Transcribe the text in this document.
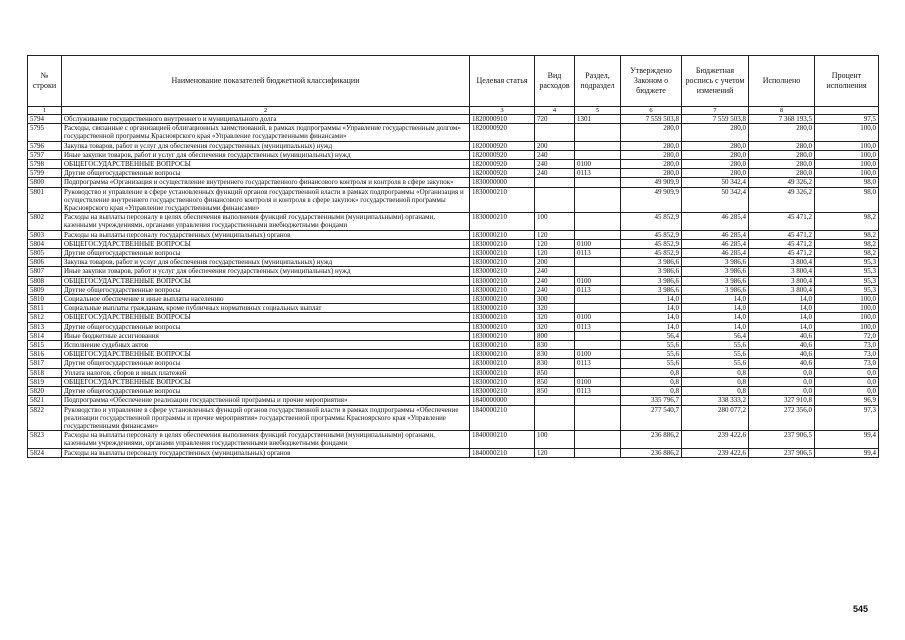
№ строки	Наименование показателей бюджетной классификации	Целевая статья	Вид расходов	Раздел, подраздел	Утверждено Законом о бюджете	Бюджетная роспись с учетом изменений	Исполнено	Процент исполнения
1	2	3	4	5	6	7	8	
5794	Обслуживание государственного внутреннего и муниципального долга	1820000910	720	1301	7 559 503,8	7 559 503,8	7 368 193,5	97,5
5795	Расходы, связанные с организацией облигационных заимствований, в рамках подпрограммы «Управление государственным долгом» государственной программы Красноярского края «Управление государственными финансами»	1820000920			280,0	280,0	280,0	100,0
5796	Закупка товаров, работ и услуг для обеспечения государственных (муниципальных) нужд	1820000920	200		280,0	280,0	280,0	100,0
5797	Иные закупки товаров, работ и услуг для обеспечения государственных (муниципальных) нужд	1820000920	240		280,0	280,0	280,0	100,0
5798	ОБЩЕГОСУДАРСТВЕННЫЕ ВОПРОСЫ	1820000920	240	0100	280,0	280,0	280,0	100,0
5799	Другие общегосударственные вопросы	1820000920	240	0113	280,0	280,0	280,0	100,0
5800	Подпрограмма «Организация и осуществление внутреннего государственного финансового контроля и контроля в сфере закупок»	1830000000			49 909,9	50 342,4	49 326,2	98,0
5801	Руководство и управление в сфере установленных функций органов государственной власти в рамках подпрограммы «Организация и осуществление внутреннего государственного финансового контроля и контроля в сфере закупок» государственной программы Красноярского края «Управление государственными финансами»	1830000210			49 909,9	50 342,4	49 326,2	98,0
5802	Расходы на выплаты персоналу в целях обеспечения выполнения функций государственными (муниципальными) органами, казенными учреждениями, органами управления государственными внебюджетными фондами	1830000210	100		45 852,9	46 285,4	45 471,2	98,2
5803	Расходы на выплаты персоналу государственных (муниципальных) органов	1830000210	120		45 852,9	46 285,4	45 471,2	98,2
5804	ОБЩЕГОСУДАРСТВЕННЫЕ ВОПРОСЫ	1830000210	120	0100	45 852,9	46 285,4	45 471,2	98,2
5805	Другие общегосударственные вопросы	1830000210	120	0113	45 852,9	46 285,4	45 471,2	98,2
5806	Закупка товаров, работ и услуг для обеспечения государственных (муниципальных) нужд	1830000210	200		3 986,6	3 986,6	3 800,4	95,3
5807	Иные закупки товаров, работ и услуг для обеспечения государственных (муниципальных) нужд	1830000210	240		3 986,6	3 986,6	3 800,4	95,3
5808	ОБЩЕГОСУДАРСТВЕННЫЕ ВОПРОСЫ	1830000210	240	0100	3 986,6	3 986,6	3 800,4	95,3
5809	Другие общегосударственные вопросы	1830000210	240	0113	3 986,6	3 986,6	3 800,4	95,3
5810	Социальное обеспечение и иные выплаты населению	1830000210	300		14,0	14,0	14,0	100,0
5811	Социальные выплаты гражданам, кроме публичных нормативных социальных выплат	1830000210	320		14,0	14,0	14,0	100,0
5812	ОБЩЕГОСУДАРСТВЕННЫЕ ВОПРОСЫ	1830000210	320	0100	14,0	14,0	14,0	100,0
5813	Другие общегосударственные вопросы	1830000210	320	0113	14,0	14,0	14,0	100,0
5814	Иные бюджетные ассигнования	1830000210	800		56,4	56,4	40,6	72,0
5815	Исполнение судебных актов	1830000210	830		55,6	55,6	40,6	73,0
5816	ОБЩЕГОСУДАРСТВЕННЫЕ ВОПРОСЫ	1830000210	830	0100	55,6	55,6	40,6	73,0
5817	Другие общегосударственные вопросы	1830000210	830	0113	55,6	55,6	40,6	73,0
5818	Уплата налогов, сборов и иных платежей	1830000210	850		0,8	0,8	0,0	0,0
5819	ОБЩЕГОСУДАРСТВЕННЫЕ ВОПРОСЫ	1830000210	850	0100	0,8	0,8	0,0	0,0
5820	Другие общегосударственные вопросы	1830000210	850	0113	0,8	0,8	0,0	0,0
5821	Подпрограмма «Обеспечение реализации государственной программы и прочие мероприятия»	1840000000			335 796,7	338 333,2	327 910,8	96,9
5822	Руководство и управление в сфере установленных функций органов государственной власти в рамках подпрограммы «Обеспечение реализации государственной программы и прочие мероприятия» государственной программы Красноярского края «Управление государственными финансами»	1840000210			277 540,7	280 077,2	272 356,0	97,3
5823	Расходы на выплаты персоналу в целях обеспечения выполнения функций государственными (муниципальными) органами, казенными учреждениями, органами управления государственными внебюджетными фондами	1840000210	100		236 886,2	239 422,6	237 906,5	99,4
5824	Расходы на выплаты персоналу государственных (муниципальных) органов	1840000210	120		236 886,2	239 422,6	237 906,5	99,4
545
